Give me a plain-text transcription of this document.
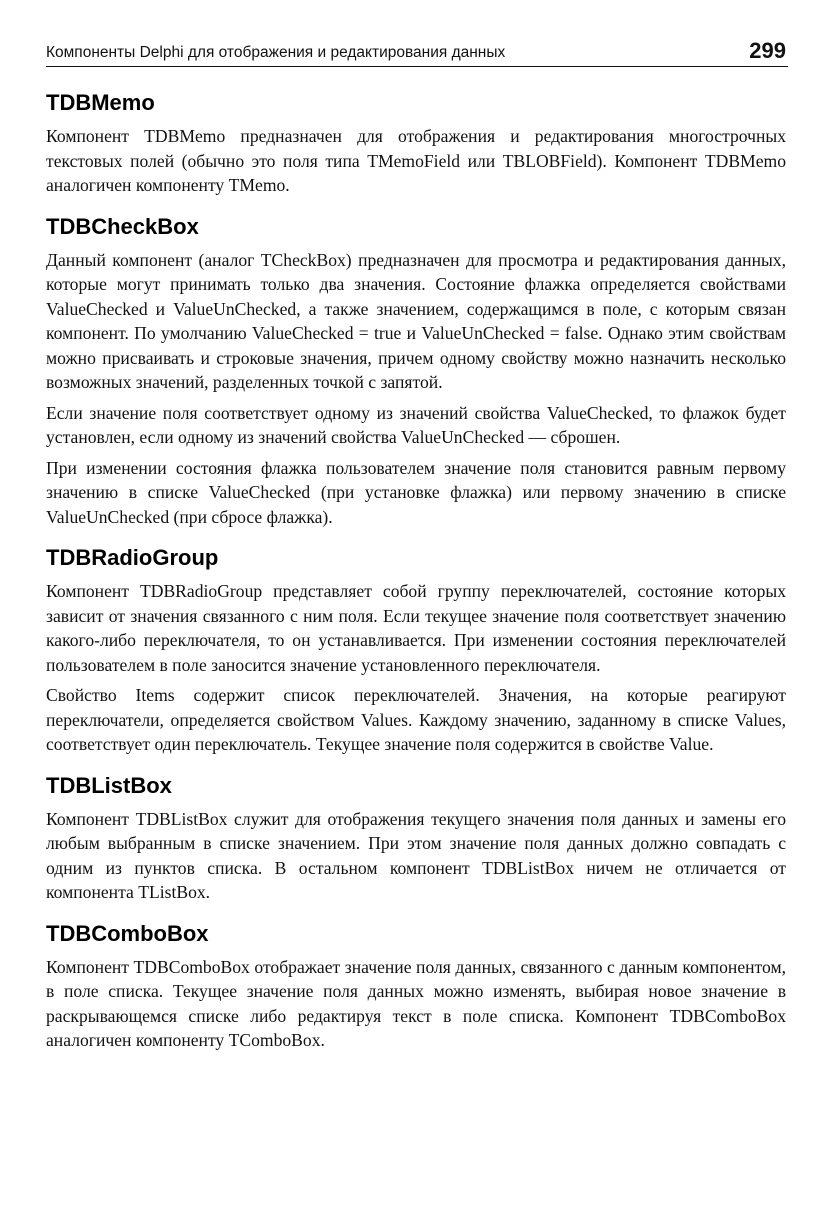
Компоненты Delphi для отображения и редактирования данных	299
TDBMemo

Компонент TDBMemo предназначен для отображения и редактирования многострочных текстовых полей (обычно это поля типа TMemoField или TBLOBField). Компонент TDBMemo аналогичен компоненту TMemo.

TDBCheckBox

Данный компонент (аналог TCheckBox) предназначен для просмотра и редактирования данных, которые могут принимать только два значения. Состояние флажка определяется свойствами ValueChecked и ValueUnChecked, а также значением, содержащимся в поле, с которым связан компонент. По умолчанию ValueChecked = true и ValueUnChecked = false. Однако этим свойствам можно присваивать и строковые значения, причем одному свойству можно назначить несколько возможных значений, разделенных точкой с запятой.

Если значение поля соответствует одному из значений свойства ValueChecked, то флажок будет установлен, если одному из значений свойства ValueUnChecked — сброшен.

При изменении состояния флажка пользователем значение поля становится равным первому значению в списке ValueChecked (при установке флажка) или первому значению в списке ValueUnChecked (при сбросе флажка).

TDBRadioGroup

Компонент TDBRadioGroup представляет собой группу переключателей, состояние которых зависит от значения связанного с ним поля. Если текущее значение поля соответствует значению какого-либо переключателя, то он устанавливается. При изменении состояния переключателей пользователем в поле заносится значение установленного переключателя.

Свойство Items содержит список переключателей. Значения, на которые реагируют переключатели, определяется свойством Values. Каждому значению, заданному в списке Values, соответствует один переключатель. Текущее значение поля содержится в свойстве Value.

TDBListBox

Компонент TDBListBox служит для отображения текущего значения поля данных и замены его любым выбранным в списке значением. При этом значение поля данных должно совпадать с одним из пунктов списка. В остальном компонент TDBListBox ничем не отличается от компонента TListBox.

TDBComboBox

Компонент TDBComboBox отображает значение поля данных, связанного с данным компонентом, в поле списка. Текущее значение поля данных можно изменять, выбирая новое значение в раскрывающемся списке либо редактируя текст в поле списка. Компонент TDBComboBox аналогичен компоненту TComboBox.
